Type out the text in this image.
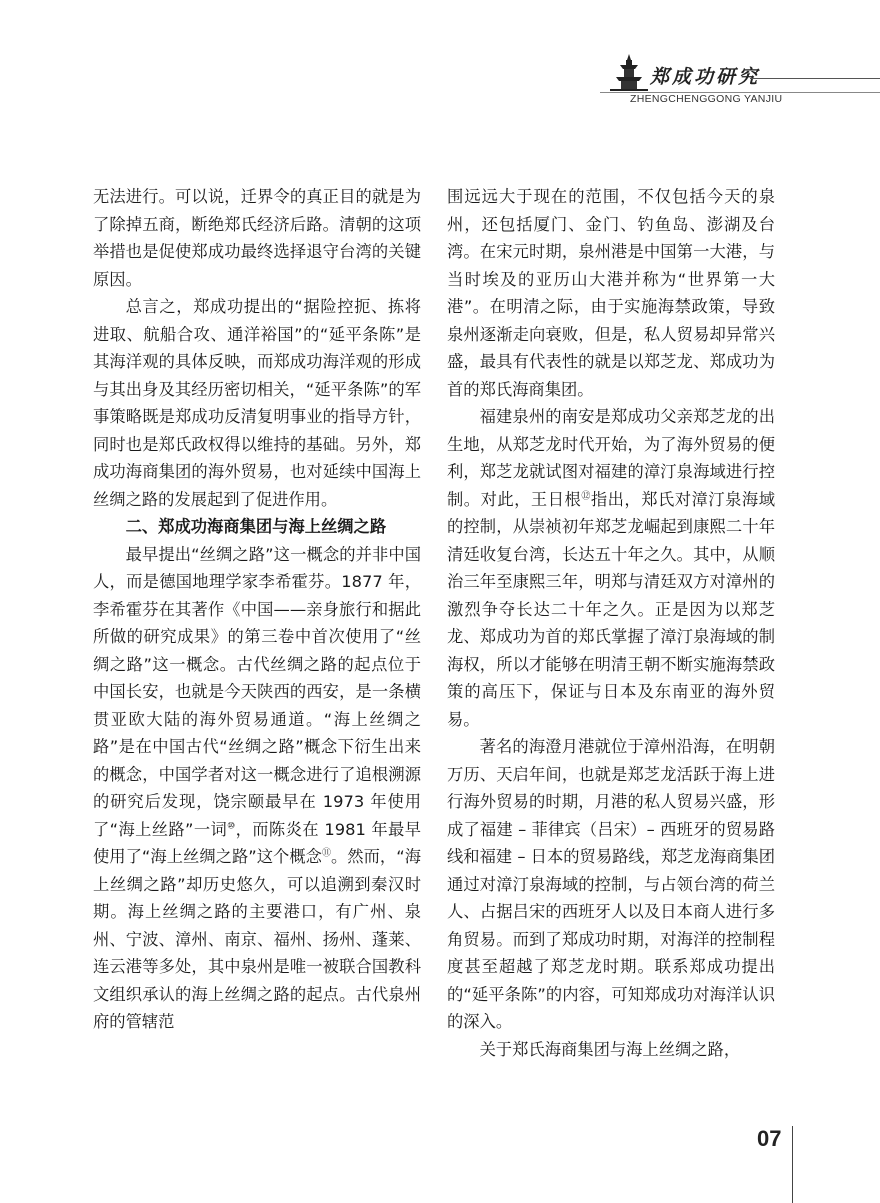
郑成功研究
ZHENGCHENGGONG YANJIU

无法进行。可以说，迁界令的真正目的就是为了除掉五商，断绝郑氏经济后路。清朝的这项举措也是促使郑成功最终选择退守台湾的关键原因。

总言之，郑成功提出的“据险控扼、拣将进取、航船合攻、通洋裕国”的“延平条陈”是其海洋观的具体反映，而郑成功海洋观的形成与其出身及其经历密切相关，“延平条陈”的军事策略既是郑成功反清复明事业的指导方针，同时也是郑氏政权得以维持的基础。另外，郑成功海商集团的海外贸易，也对延续中国海上丝绸之路的发展起到了促进作用。

二、郑成功海商集团与海上丝绸之路

最早提出“丝绸之路”这一概念的并非中国人，而是德国地理学家李希霍芬。1877 年，李希霍芬在其著作《中国——亲身旅行和据此所做的研究成果》的第三卷中首次使用了“丝绸之路”这一概念。古代丝绸之路的起点位于中国长安，也就是今天陕西的西安，是一条横贯亚欧大陆的海外贸易通道。“海上丝绸之路”是在中国古代“丝绸之路”概念下衍生出来的概念，中国学者对这一概念进行了追根溯源的研究后发现，饶宗颐最早在 1973 年使用了“海上丝路”一词⑩，而陈炎在 1981 年最早使用了“海上丝绸之路”这个概念⑪。然而，“海上丝绸之路”却历史悠久，可以追溯到秦汉时期。海上丝绸之路的主要港口，有广州、泉州、宁波、漳州、南京、福州、扬州、蓬莱、连云港等多处，其中泉州是唯一被联合国教科文组织承认的海上丝绸之路的起点。古代泉州府的管辖范

围远远大于现在的范围，不仅包括今天的泉州，还包括厦门、金门、钓鱼岛、澎湖及台湾。在宋元时期，泉州港是中国第一大港，与当时埃及的亚历山大港并称为“世界第一大港”。在明清之际，由于实施海禁政策，导致泉州逐渐走向衰败，但是，私人贸易却异常兴盛，最具有代表性的就是以郑芝龙、郑成功为首的郑氏海商集团。

福建泉州的南安是郑成功父亲郑芝龙的出生地，从郑芝龙时代开始，为了海外贸易的便利，郑芝龙就试图对福建的漳汀泉海域进行控制。对此，王日根⑫指出，郑氏对漳汀泉海域的控制，从崇祯初年郑芝龙崛起到康熙二十年清廷收复台湾，长达五十年之久。其中，从顺治三年至康熙三年，明郑与清廷双方对漳州的激烈争夺长达二十年之久。正是因为以郑芝龙、郑成功为首的郑氏掌握了漳汀泉海域的制海权，所以才能够在明清王朝不断实施海禁政策的高压下，保证与日本及东南亚的海外贸易。

著名的海澄月港就位于漳州沿海，在明朝万历、天启年间，也就是郑芝龙活跃于海上进行海外贸易的时期，月港的私人贸易兴盛，形成了福建 – 菲律宾（吕宋）– 西班牙的贸易路线和福建 – 日本的贸易路线，郑芝龙海商集团通过对漳汀泉海域的控制，与占领台湾的荷兰人、占据吕宋的西班牙人以及日本商人进行多角贸易。而到了郑成功时期，对海洋的控制程度甚至超越了郑芝龙时期。联系郑成功提出的“延平条陈”的内容，可知郑成功对海洋认识的深入。

关于郑氏海商集团与海上丝绸之路，

07
